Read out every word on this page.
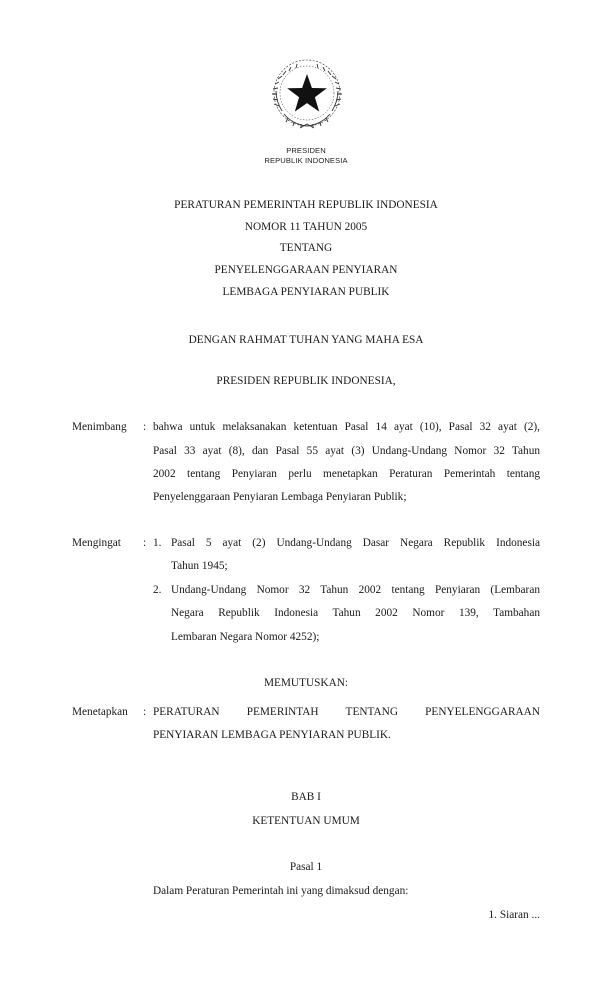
PRESIDEN
REPUBLIK INDONESIA
PERATURAN PEMERINTAH REPUBLIK INDONESIA
NOMOR 11 TAHUN 2005
TENTANG
PENYELENGGARAAN PENYIARAN
LEMBAGA PENYIARAN PUBLIK
DENGAN RAHMAT TUHAN YANG MAHA ESA
PRESIDEN REPUBLIK INDONESIA,
Menimbang : bahwa untuk melaksanakan ketentuan Pasal 14 ayat (10), Pasal 32 ayat (2),
Pasal 33 ayat (8), dan Pasal 55 ayat (3) Undang-Undang Nomor 32 Tahun
2002 tentang Penyiaran perlu menetapkan Peraturan Pemerintah tentang
Penyelenggaraan Penyiaran Lembaga Penyiaran Publik;
Mengingat : 1. Pasal 5 ayat (2) Undang-Undang Dasar Negara Republik Indonesia
Tahun 1945;
2. Undang-Undang Nomor 32 Tahun 2002 tentang Penyiaran (Lembaran
Negara Republik Indonesia Tahun 2002 Nomor 139, Tambahan
Lembaran Negara Nomor 4252);
MEMUTUSKAN:
Menetapkan : PERATURAN PEMERINTAH TENTANG PENYELENGGARAAN
PENYIARAN LEMBAGA PENYIARAN PUBLIK.
BAB I
KETENTUAN UMUM
Pasal 1
Dalam Peraturan Pemerintah ini yang dimaksud dengan:
1. Siaran ...
